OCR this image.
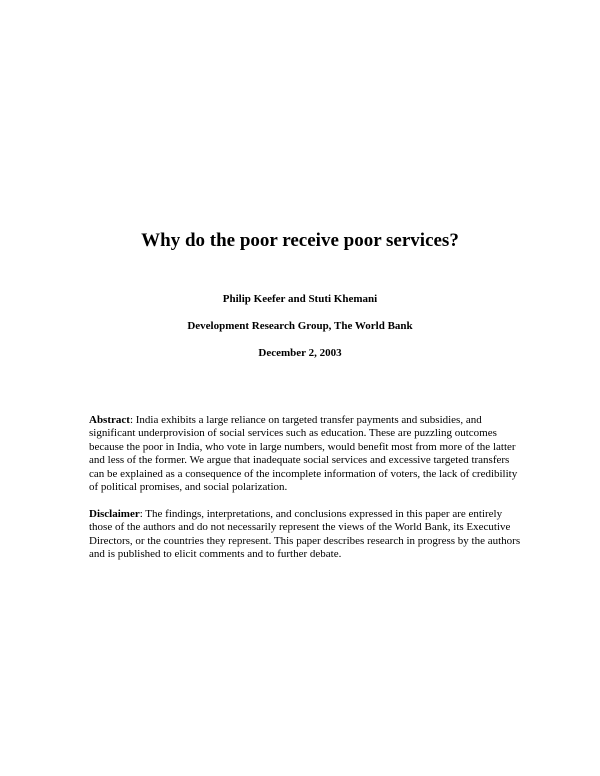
Why do the poor receive poor services?

Philip Keefer and Stuti Khemani

Development Research Group, The World Bank

December 2, 2003

Abstract: India exhibits a large reliance on targeted transfer payments and subsidies, and significant underprovision of social services such as education. These are puzzling outcomes because the poor in India, who vote in large numbers, would benefit most from more of the latter and less of the former. We argue that inadequate social services and excessive targeted transfers can be explained as a consequence of the incomplete information of voters, the lack of credibility of political promises, and social polarization.

Disclaimer: The findings, interpretations, and conclusions expressed in this paper are entirely those of the authors and do not necessarily represent the views of the World Bank, its Executive Directors, or the countries they represent. This paper describes research in progress by the authors and is published to elicit comments and to further debate.
